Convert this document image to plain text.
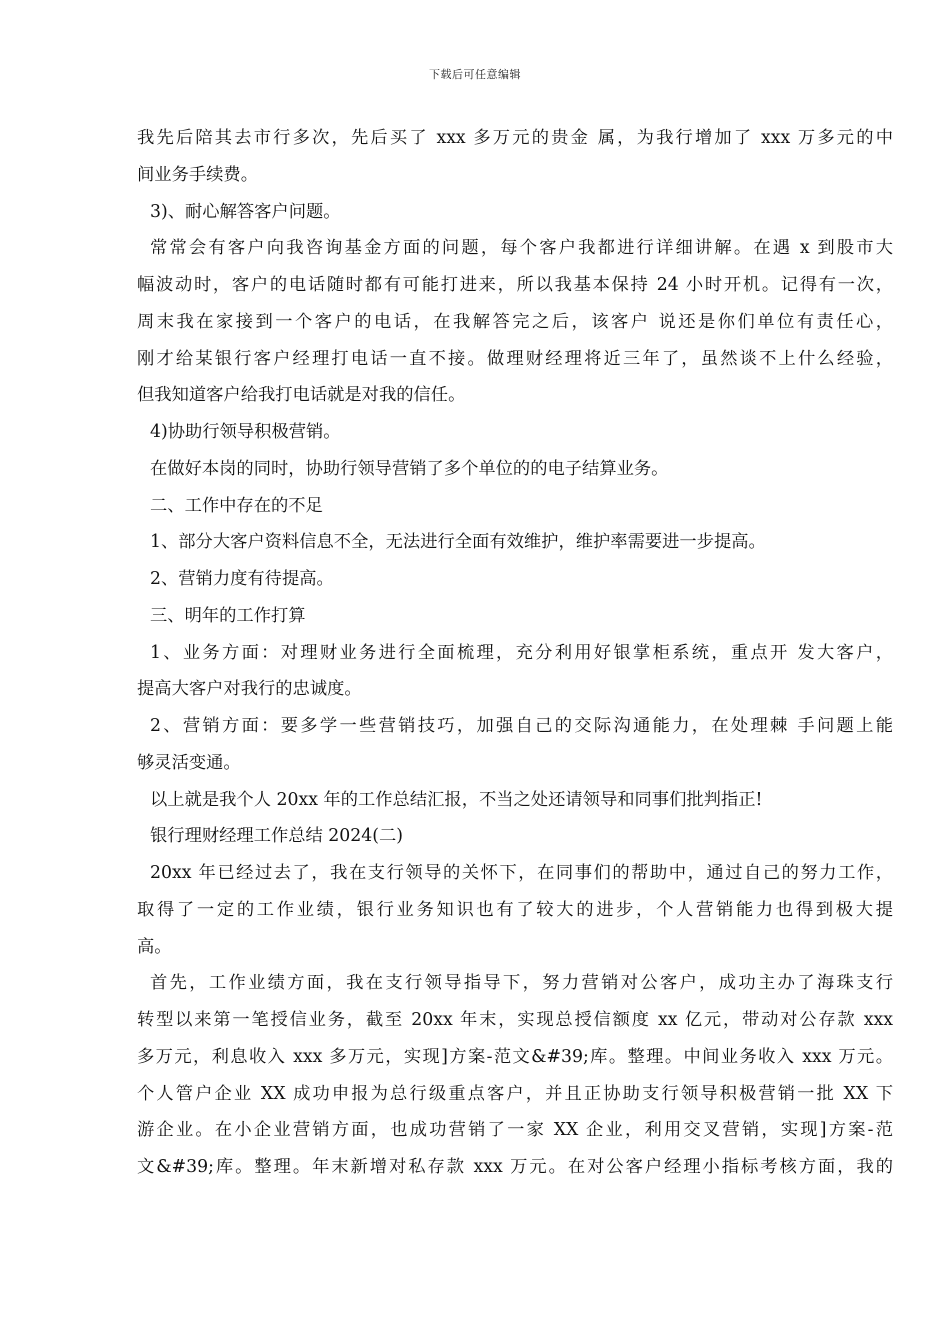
下载后可任意编辑
我先后陪其去市行多次，先后买了 xxx 多万元的贵金 属，为我行增加了 xxx 万多元的中
间业务手续费。
3)、耐心解答客户问题。
常常会有客户向我咨询基金方面的问题，每个客户我都进行详细讲解。在遇 x 到股市大
幅波动时，客户的电话随时都有可能打进来，所以我基本保持 24 小时开机。记得有一次，
周末我在家接到一个客户的电话，在我解答完之后，该客户 说还是你们单位有责任心，
刚才给某银行客户经理打电话一直不接。做理财经理将近三年了，虽然谈不上什么经验，
但我知道客户给我打电话就是对我的信任。
4)协助行领导积极营销。
在做好本岗的同时，协助行领导营销了多个单位的的电子结算业务。
二、工作中存在的不足
1、部分大客户资料信息不全，无法进行全面有效维护，维护率需要进一步提高。
2、营销力度有待提高。
三、明年的工作打算
1、业务方面：对理财业务进行全面梳理，充分利用好银掌柜系统，重点开 发大客户，
提高大客户对我行的忠诚度。
2、营销方面：要多学一些营销技巧，加强自己的交际沟通能力，在处理棘 手问题上能
够灵活变通。
以上就是我个人 20xx 年的工作总结汇报，不当之处还请领导和同事们批判指正!
银行理财经理工作总结 2024(二)
20xx 年已经过去了，我在支行领导的关怀下，在同事们的帮助中，通过自己的努力工作，
取得了一定的工作业绩，银行业务知识也有了较大的进步，个人营销能力也得到极大提
高。
首先，工作业绩方面，我在支行领导指导下，努力营销对公客户，成功主办了海珠支行
转型以来第一笔授信业务，截至 20xx 年末，实现总授信额度 xx 亿元，带动对公存款 xxx
多万元，利息收入 xxx 多万元，实现]方案-范文&#39;库。整理。中间业务收入 xxx 万元。
个人管户企业 XX 成功申报为总行级重点客户，并且正协助支行领导积极营销一批 XX 下
游企业。在小企业营销方面，也成功营销了一家 XX 企业，利用交叉营销，实现]方案-范
文&#39;库。整理。年末新增对私存款 xxx 万元。在对公客户经理小指标考核方面，我的
